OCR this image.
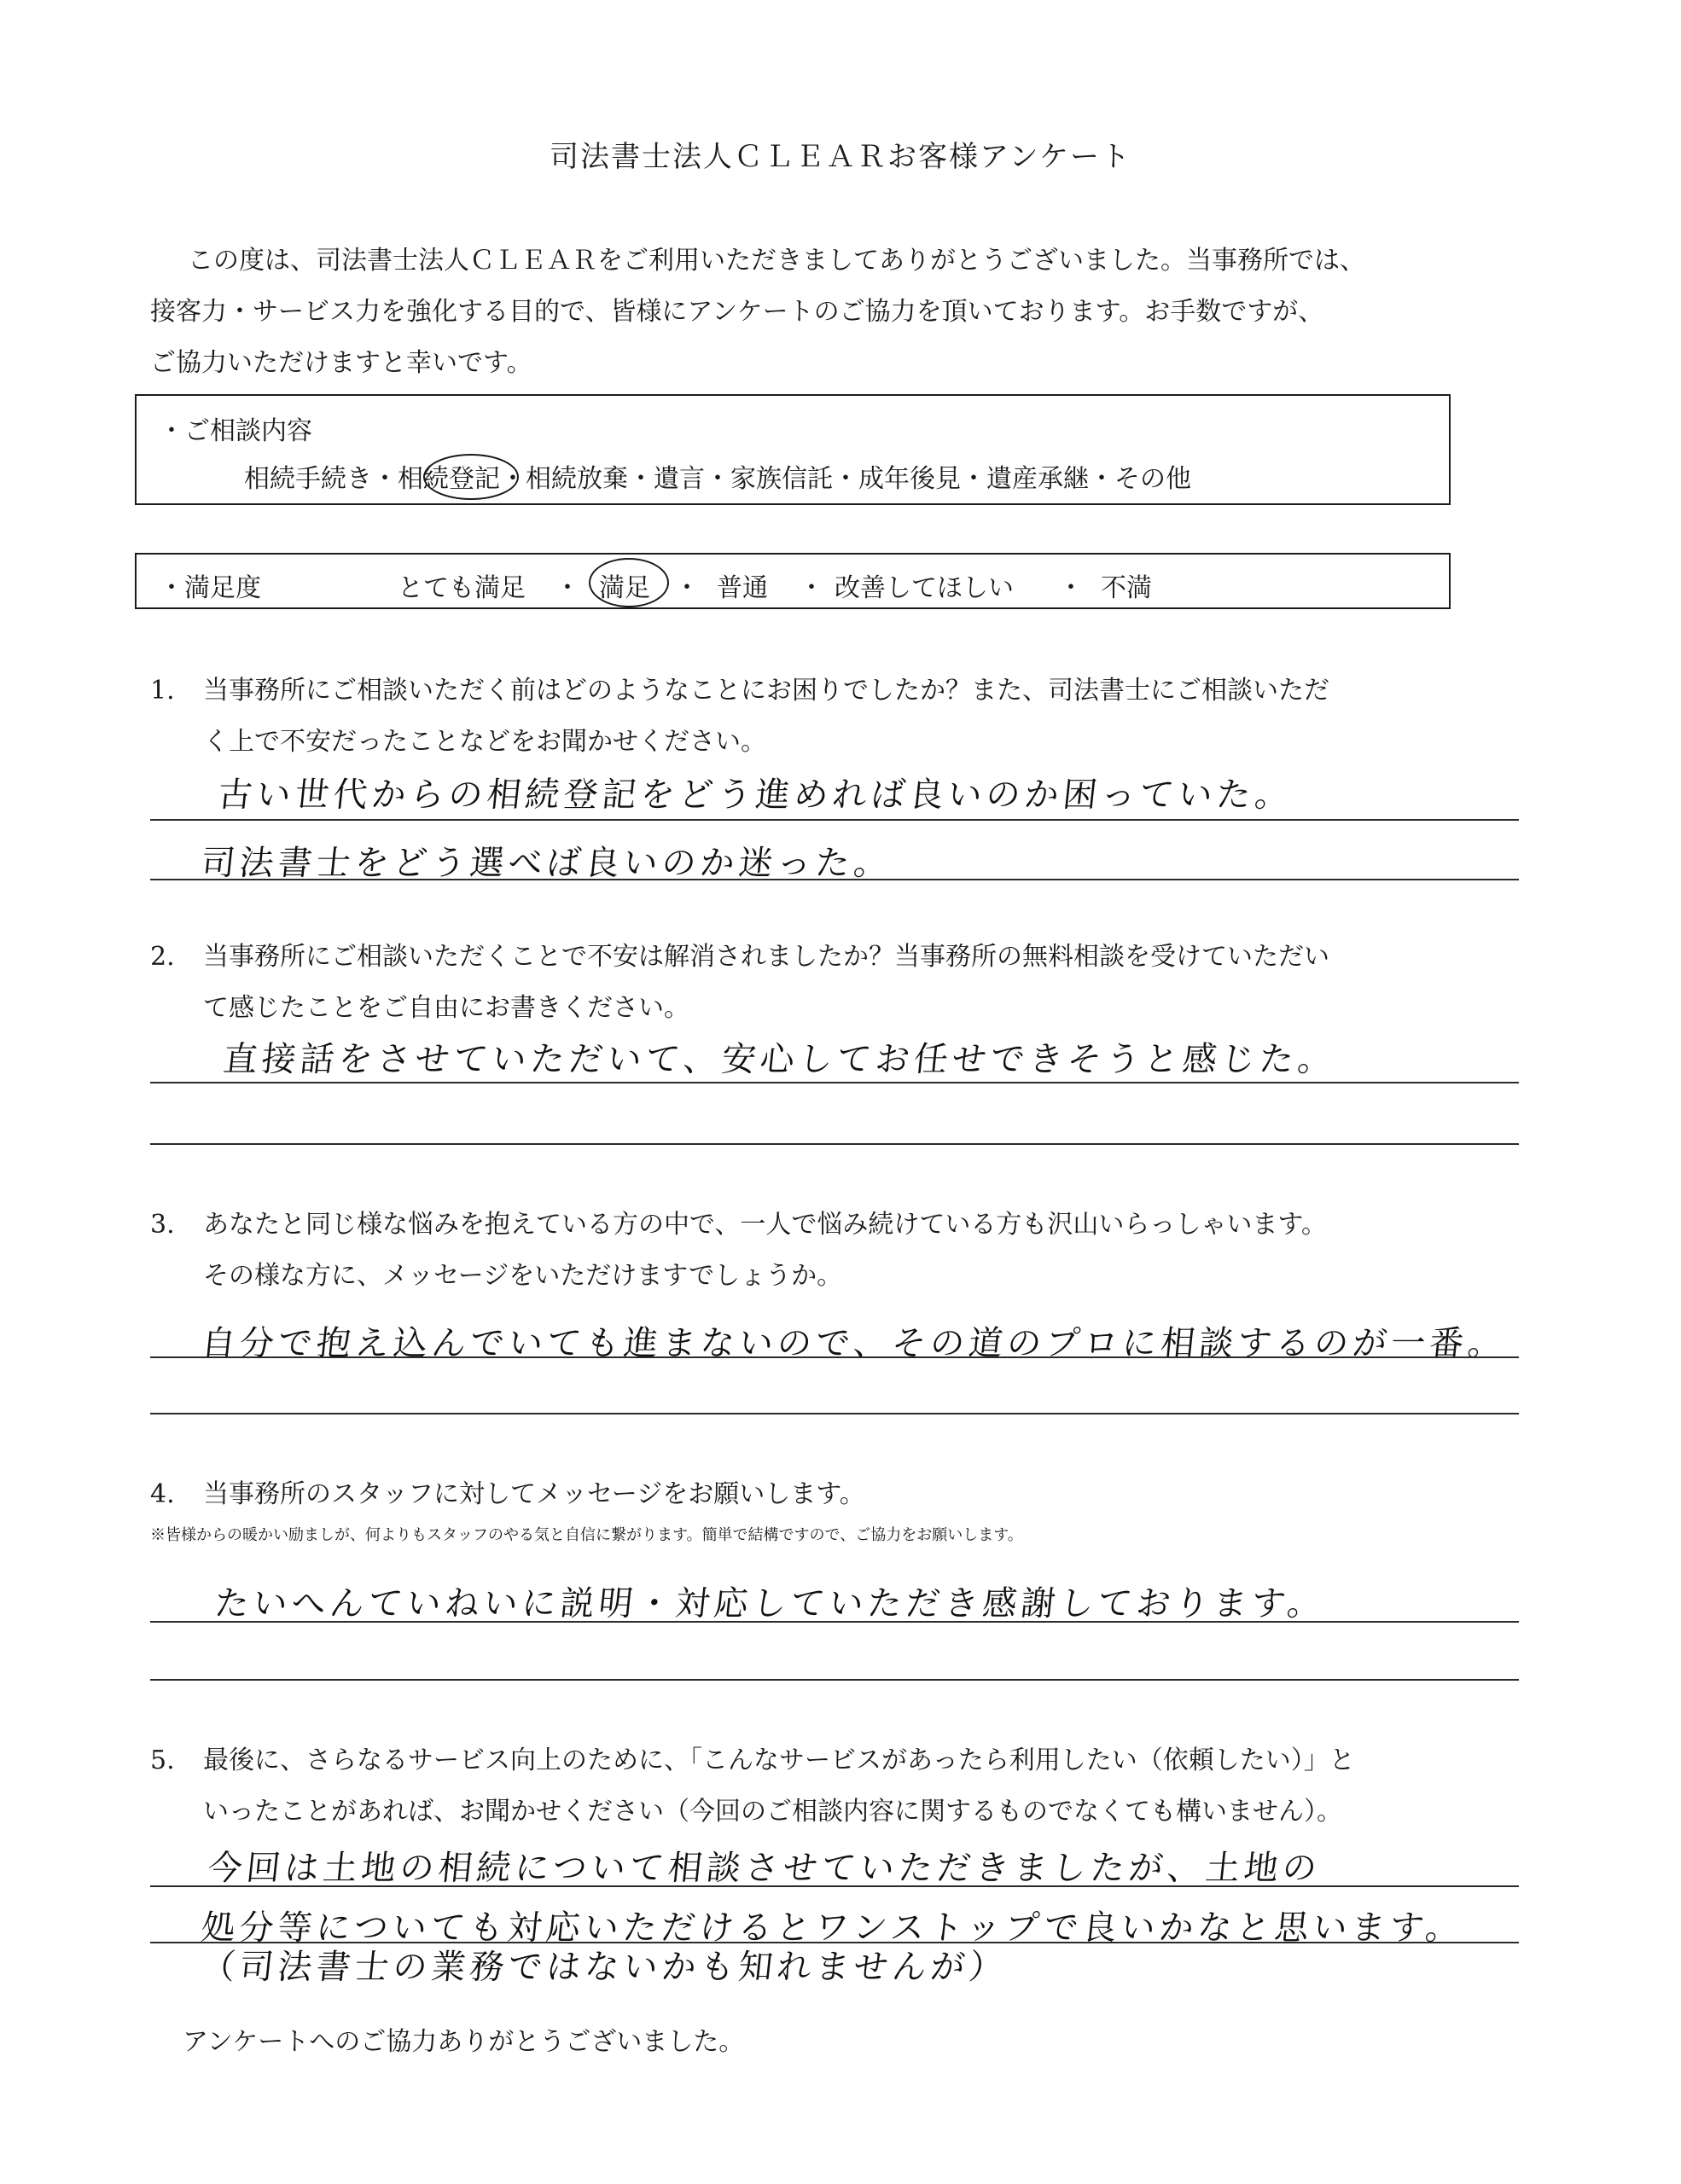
司法書士法人ＣＬＥＡＲお客様アンケート
この度は、司法書士法人ＣＬＥＡＲをご利用いただきましてありがとうございました。当事務所では、
接客力・サービス力を強化する目的で、皆様にアンケートのご協力を頂いております。お手数ですが、
ご協力いただけますと幸いです。
・ご相談内容
相続手続き・相続登記・相続放棄・遺言・家族信託・成年後見・遺産承継・その他
・満足度	とても満足 ・ 満足 ・ 普通 ・ 改善してほしい ・ 不満
1. 当事務所にご相談いただく前はどのようなことにお困りでしたか？また、司法書士にご相談いただ
く上で不安だったことなどをお聞かせください。
古い世代からの相続登記をどう進めれば良いのか困っていた。
司法書士をどう選べば良いのか迷った。
2. 当事務所にご相談いただくことで不安は解消されましたか？当事務所の無料相談を受けていただい
て感じたことをご自由にお書きください。
直接話をさせていただいて、安心してお任せできそうと感じた。
3. あなたと同じ様な悩みを抱えている方の中で、一人で悩み続けている方も沢山いらっしゃいます。
その様な方に、メッセージをいただけますでしょうか。
自分で抱え込んでいても進まないので、その道のプロに相談するのが一番。
4. 当事務所のスタッフに対してメッセージをお願いします。
※皆様からの暖かい励ましが、何よりもスタッフのやる気と自信に繋がります。簡単で結構ですので、ご協力をお願いします。
たいへんていねいに説明・対応していただき感謝しております。
5. 最後に、さらなるサービス向上のために、「こんなサービスがあったら利用したい（依頼したい）」と
いったことがあれば、お聞かせください（今回のご相談内容に関するものでなくても構いません）。
今回は土地の相続について相談させていただきましたが、土地の
処分等についても対応いただけるとワンストップで良いかなと思います。
（司法書士の業務ではないかも知れませんが）
アンケートへのご協力ありがとうございました。
